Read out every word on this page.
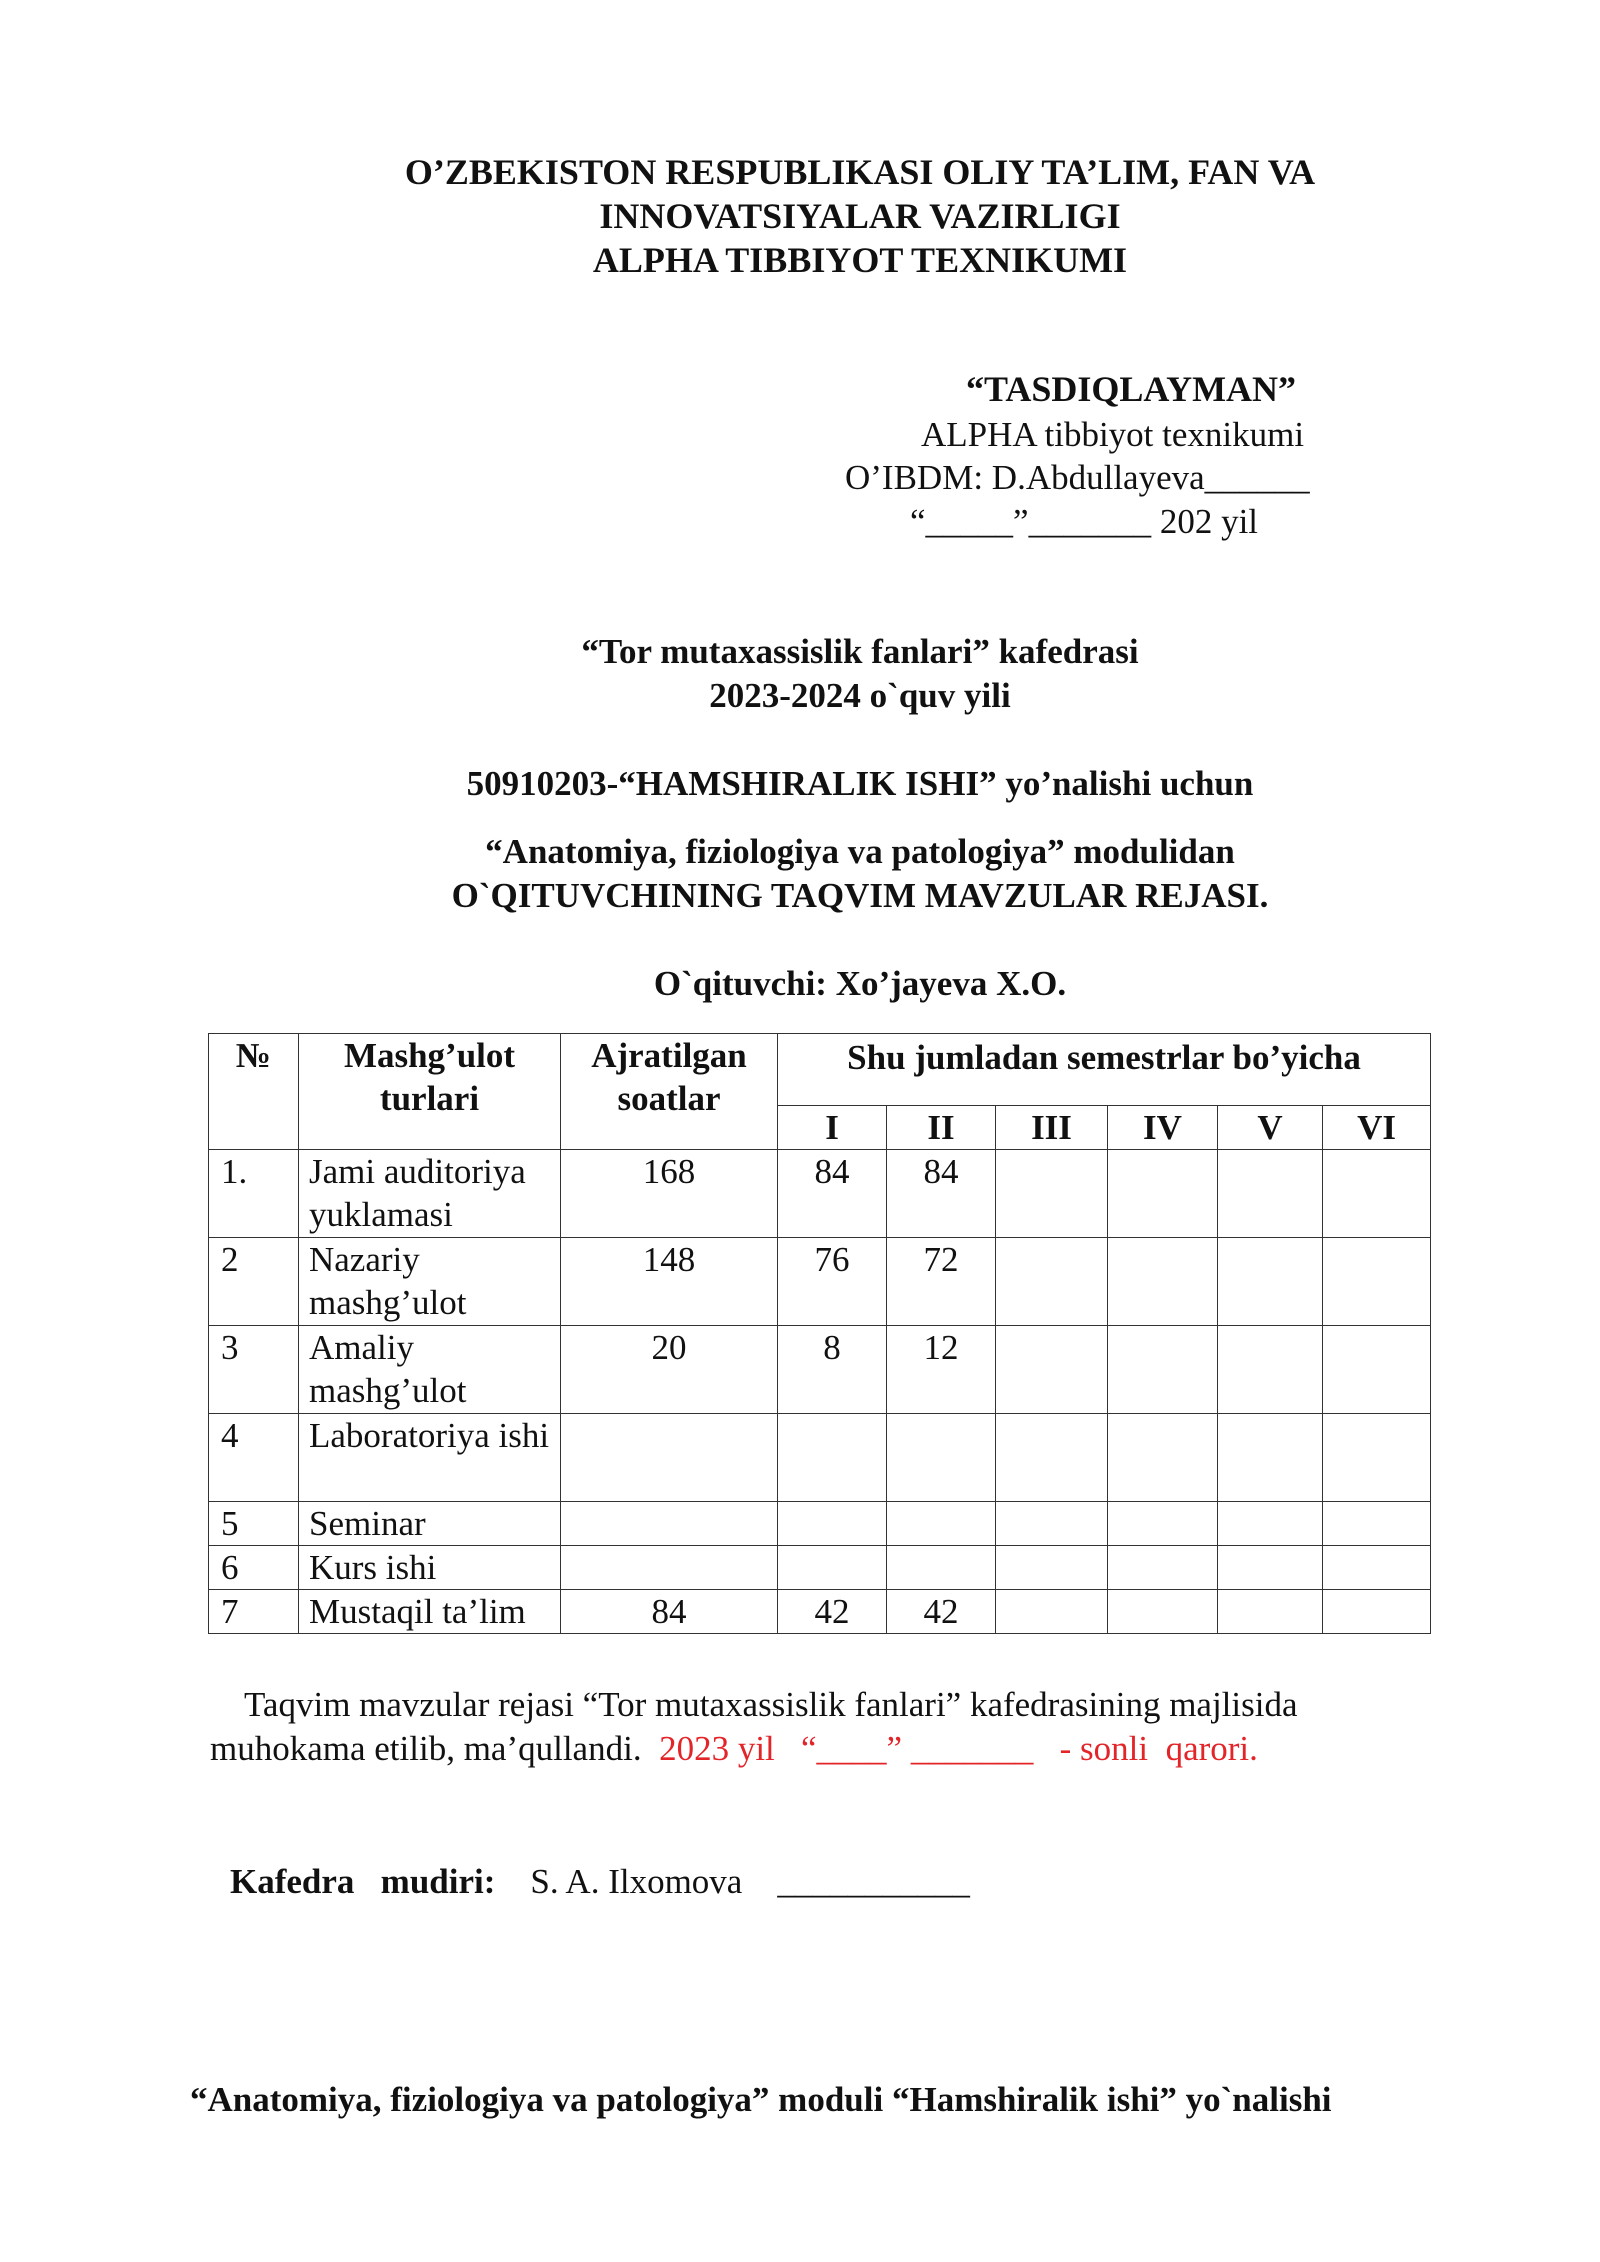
O’ZBEKISTON RESPUBLIKASI OLIY TA’LIM, FAN VA
INNOVATSIYALAR VAZIRLIGI
ALPHA TIBBIYOT TEXNIKUMI
“TASDIQLAYMAN”
ALPHA tibbiyot texnikumi
O’IBDM: D.Abdullayeva______
“_____”_______ 202 yil
“Tor mutaxassislik fanlari” kafedrasi
2023-2024 o`quv yili
50910203-“HAMSHIRALIK ISHI” yo’nalishi uchun
“Anatomiya, fiziologiya va patologiya” modulidan
O`QITUVCHINING TAQVIM MAVZULAR REJASI.
O`qituvchi: Xo’jayeva X.O.
№	Mashg’ulot turlari	Ajratilgan soatlar	Shu jumladan semestrlar bo’yicha					
			I	II	III	IV	V	VI
1.	Jami auditoriya yuklamasi	168	84	84				
2	Nazariy mashg’ulot	148	76	72				
3	Amaliy mashg’ulot	20	8	12				
4	Laboratoriya ishi							
5	Seminar							
6	Kurs ishi							
7	Mustaqil ta’lim	84	42	42				
Taqvim mavzular rejasi “Tor mutaxassislik fanlari” kafedrasining majlisida
muhokama etilib, ma’qullandi. 2023 yil   “____” _______   - sonli  qarori.
Kafedra   mudiri: S. A. Ilxomova ___________
“Anatomiya, fiziologiya va patologiya” moduli “Hamshiralik ishi” yo`nalishi
